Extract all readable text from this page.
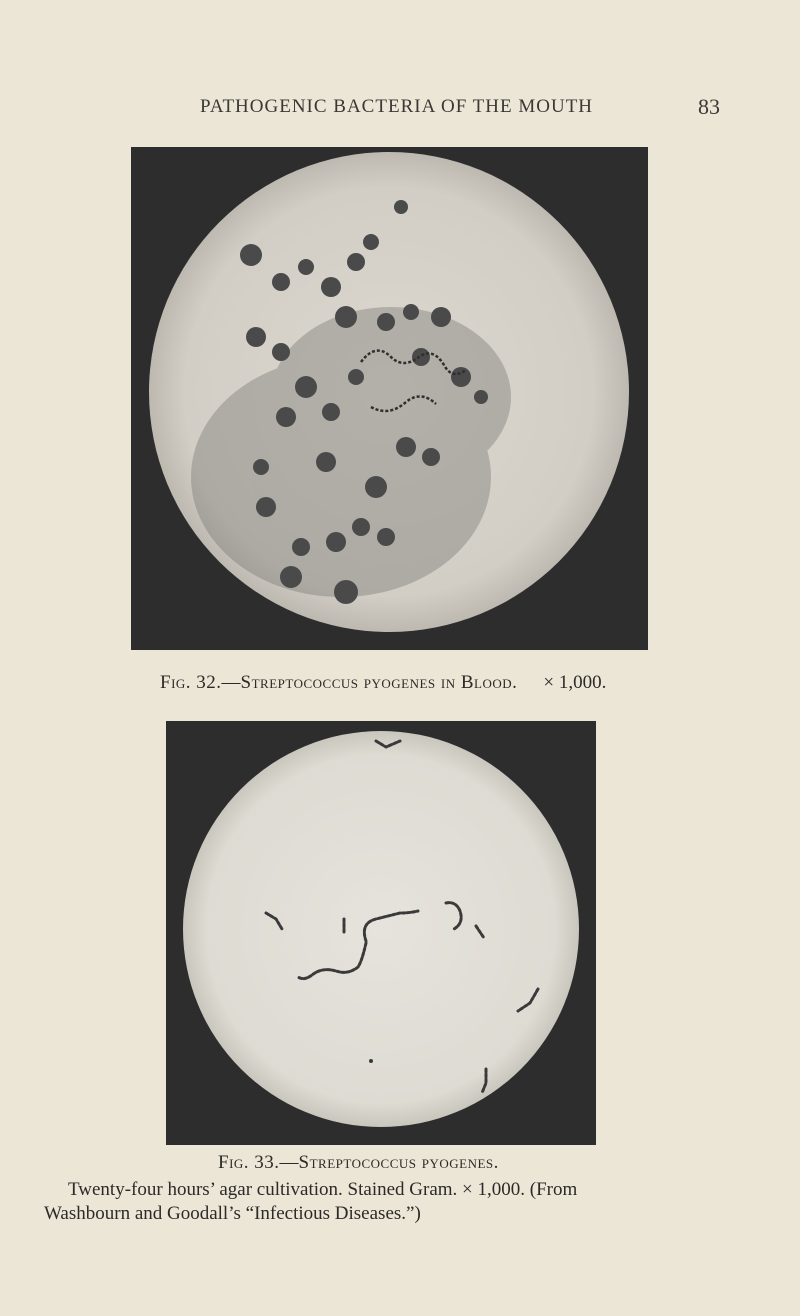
PATHOGENIC BACTERIA OF THE MOUTH	83
Fig. 32.—Streptococcus pyogenes in Blood. × 1,000.
Fig. 33.—Streptococcus pyogenes.
Twenty-four hours’ agar cultivation. Stained Gram. × 1,000. (From
Washbourn and Goodall’s “Infectious Diseases.”)
